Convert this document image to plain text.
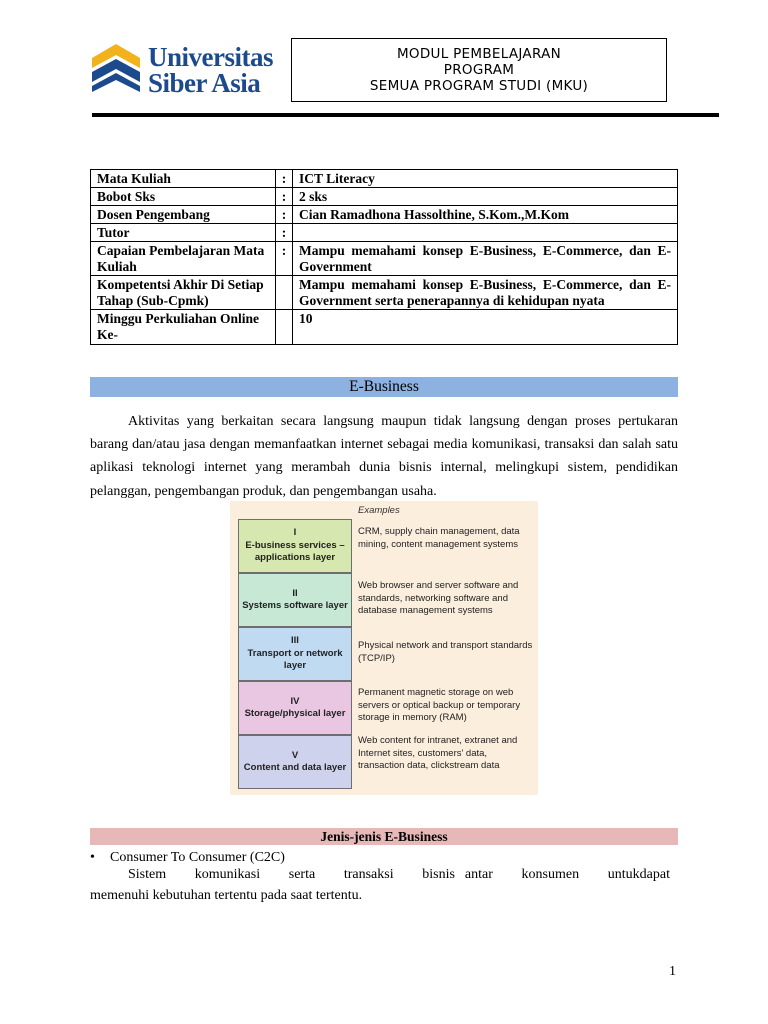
Universitas
Siber Asia
MODUL PEMBELAJARAN
PROGRAM
SEMUA PROGRAM STUDI (MKU)
Mata Kuliah	:	ICT Literacy
Bobot Sks	:	2 sks
Dosen Pengembang	:	Cian Ramadhona Hassolthine, S.Kom.,M.Kom
Tutor	:	
Capaian Pembelajaran Mata Kuliah	:	Mampu memahami konsep E-Business, E-Commerce, dan E-Government
Kompetentsi Akhir Di Setiap Tahap (Sub-Cpmk)		Mampu memahami konsep E-Business, E-Commerce, dan E-Government serta penerapannya di kehidupan nyata
Minggu Perkuliahan Online Ke-		10
E-Business
Aktivitas yang berkaitan secara langsung maupun tidak langsung dengan proses pertukaran barang dan/atau jasa dengan memanfaatkan internet sebagai media komunikasi, transaksi dan salah satu aplikasi teknologi internet yang merambah dunia bisnis internal, melingkupi sistem, pendidikan pelanggan, pengembangan produk, dan pengembangan usaha.
Examples
I
E-business services – applications layer
CRM, supply chain management, data mining, content management systems
II
Systems software layer
Web browser and server software and standards, networking software and database management systems
III
Transport or network layer
Physical network and transport standards (TCP/IP)
IV
Storage/physical layer
Permanent magnetic storage on web servers or optical backup or temporary storage in memory (RAM)
V
Content and data layer
Web content for intranet, extranet and Internet sites, customers' data, transaction data, clickstream data
Jenis-jenis E-Business
• Consumer To Consumer (C2C)
Sistem komunikasi serta transaksi bisnis antar konsumen untukdapat
memenuhi kebutuhan tertentu pada saat tertentu.
1
